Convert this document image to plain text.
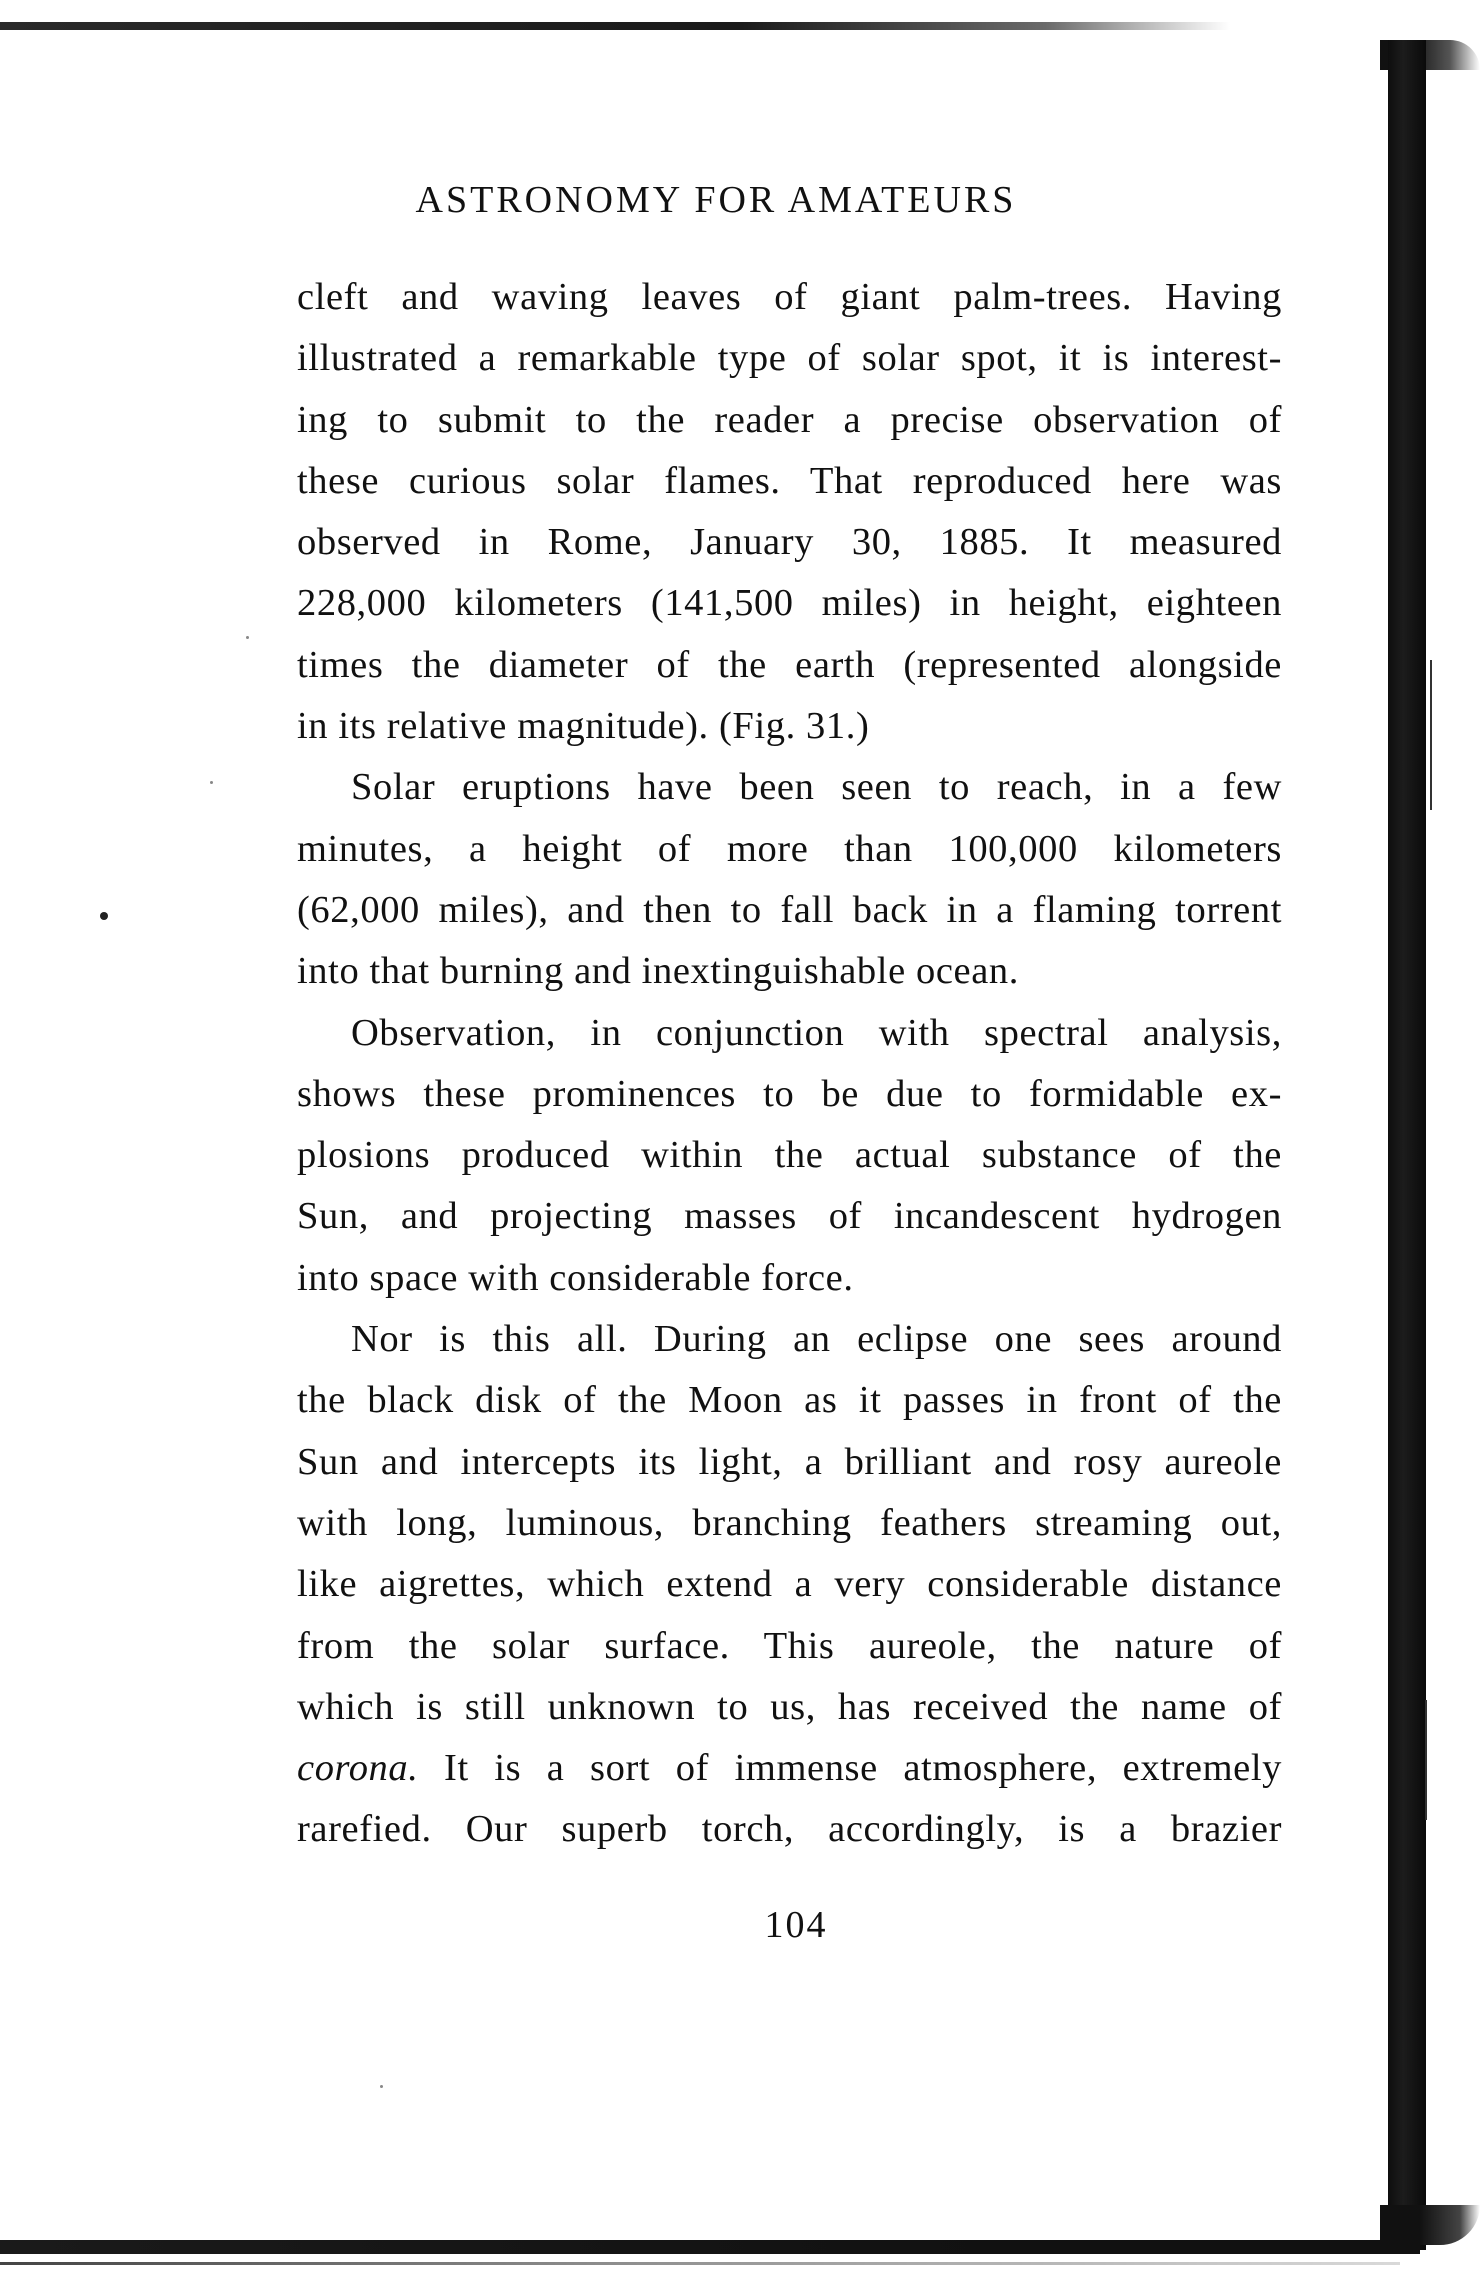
ASTRONOMY FOR AMATEURS
cleft and waving leaves of giant palm-trees. Having
illustrated a remarkable type of solar spot, it is interest-
ing to submit to the reader a precise observation of
these curious solar flames. That reproduced here was
observed in Rome, January 30, 1885. It measured
228,000 kilometers (141,500 miles) in height, eighteen
times the diameter of the earth (represented alongside
in its relative magnitude). (Fig. 31.)
Solar eruptions have been seen to reach, in a few
minutes, a height of more than 100,000 kilometers
(62,000 miles), and then to fall back in a flaming torrent
into that burning and inextinguishable ocean.
Observation, in conjunction with spectral analysis,
shows these prominences to be due to formidable ex-
plosions produced within the actual substance of the
Sun, and projecting masses of incandescent hydrogen
into space with considerable force.
Nor is this all. During an eclipse one sees around
the black disk of the Moon as it passes in front of the
Sun and intercepts its light, a brilliant and rosy aureole
with long, luminous, branching feathers streaming out,
like aigrettes, which extend a very considerable distance
from the solar surface. This aureole, the nature of
which is still unknown to us, has received the name of
corona. It is a sort of immense atmosphere, extremely
rarefied. Our superb torch, accordingly, is a brazier
104
